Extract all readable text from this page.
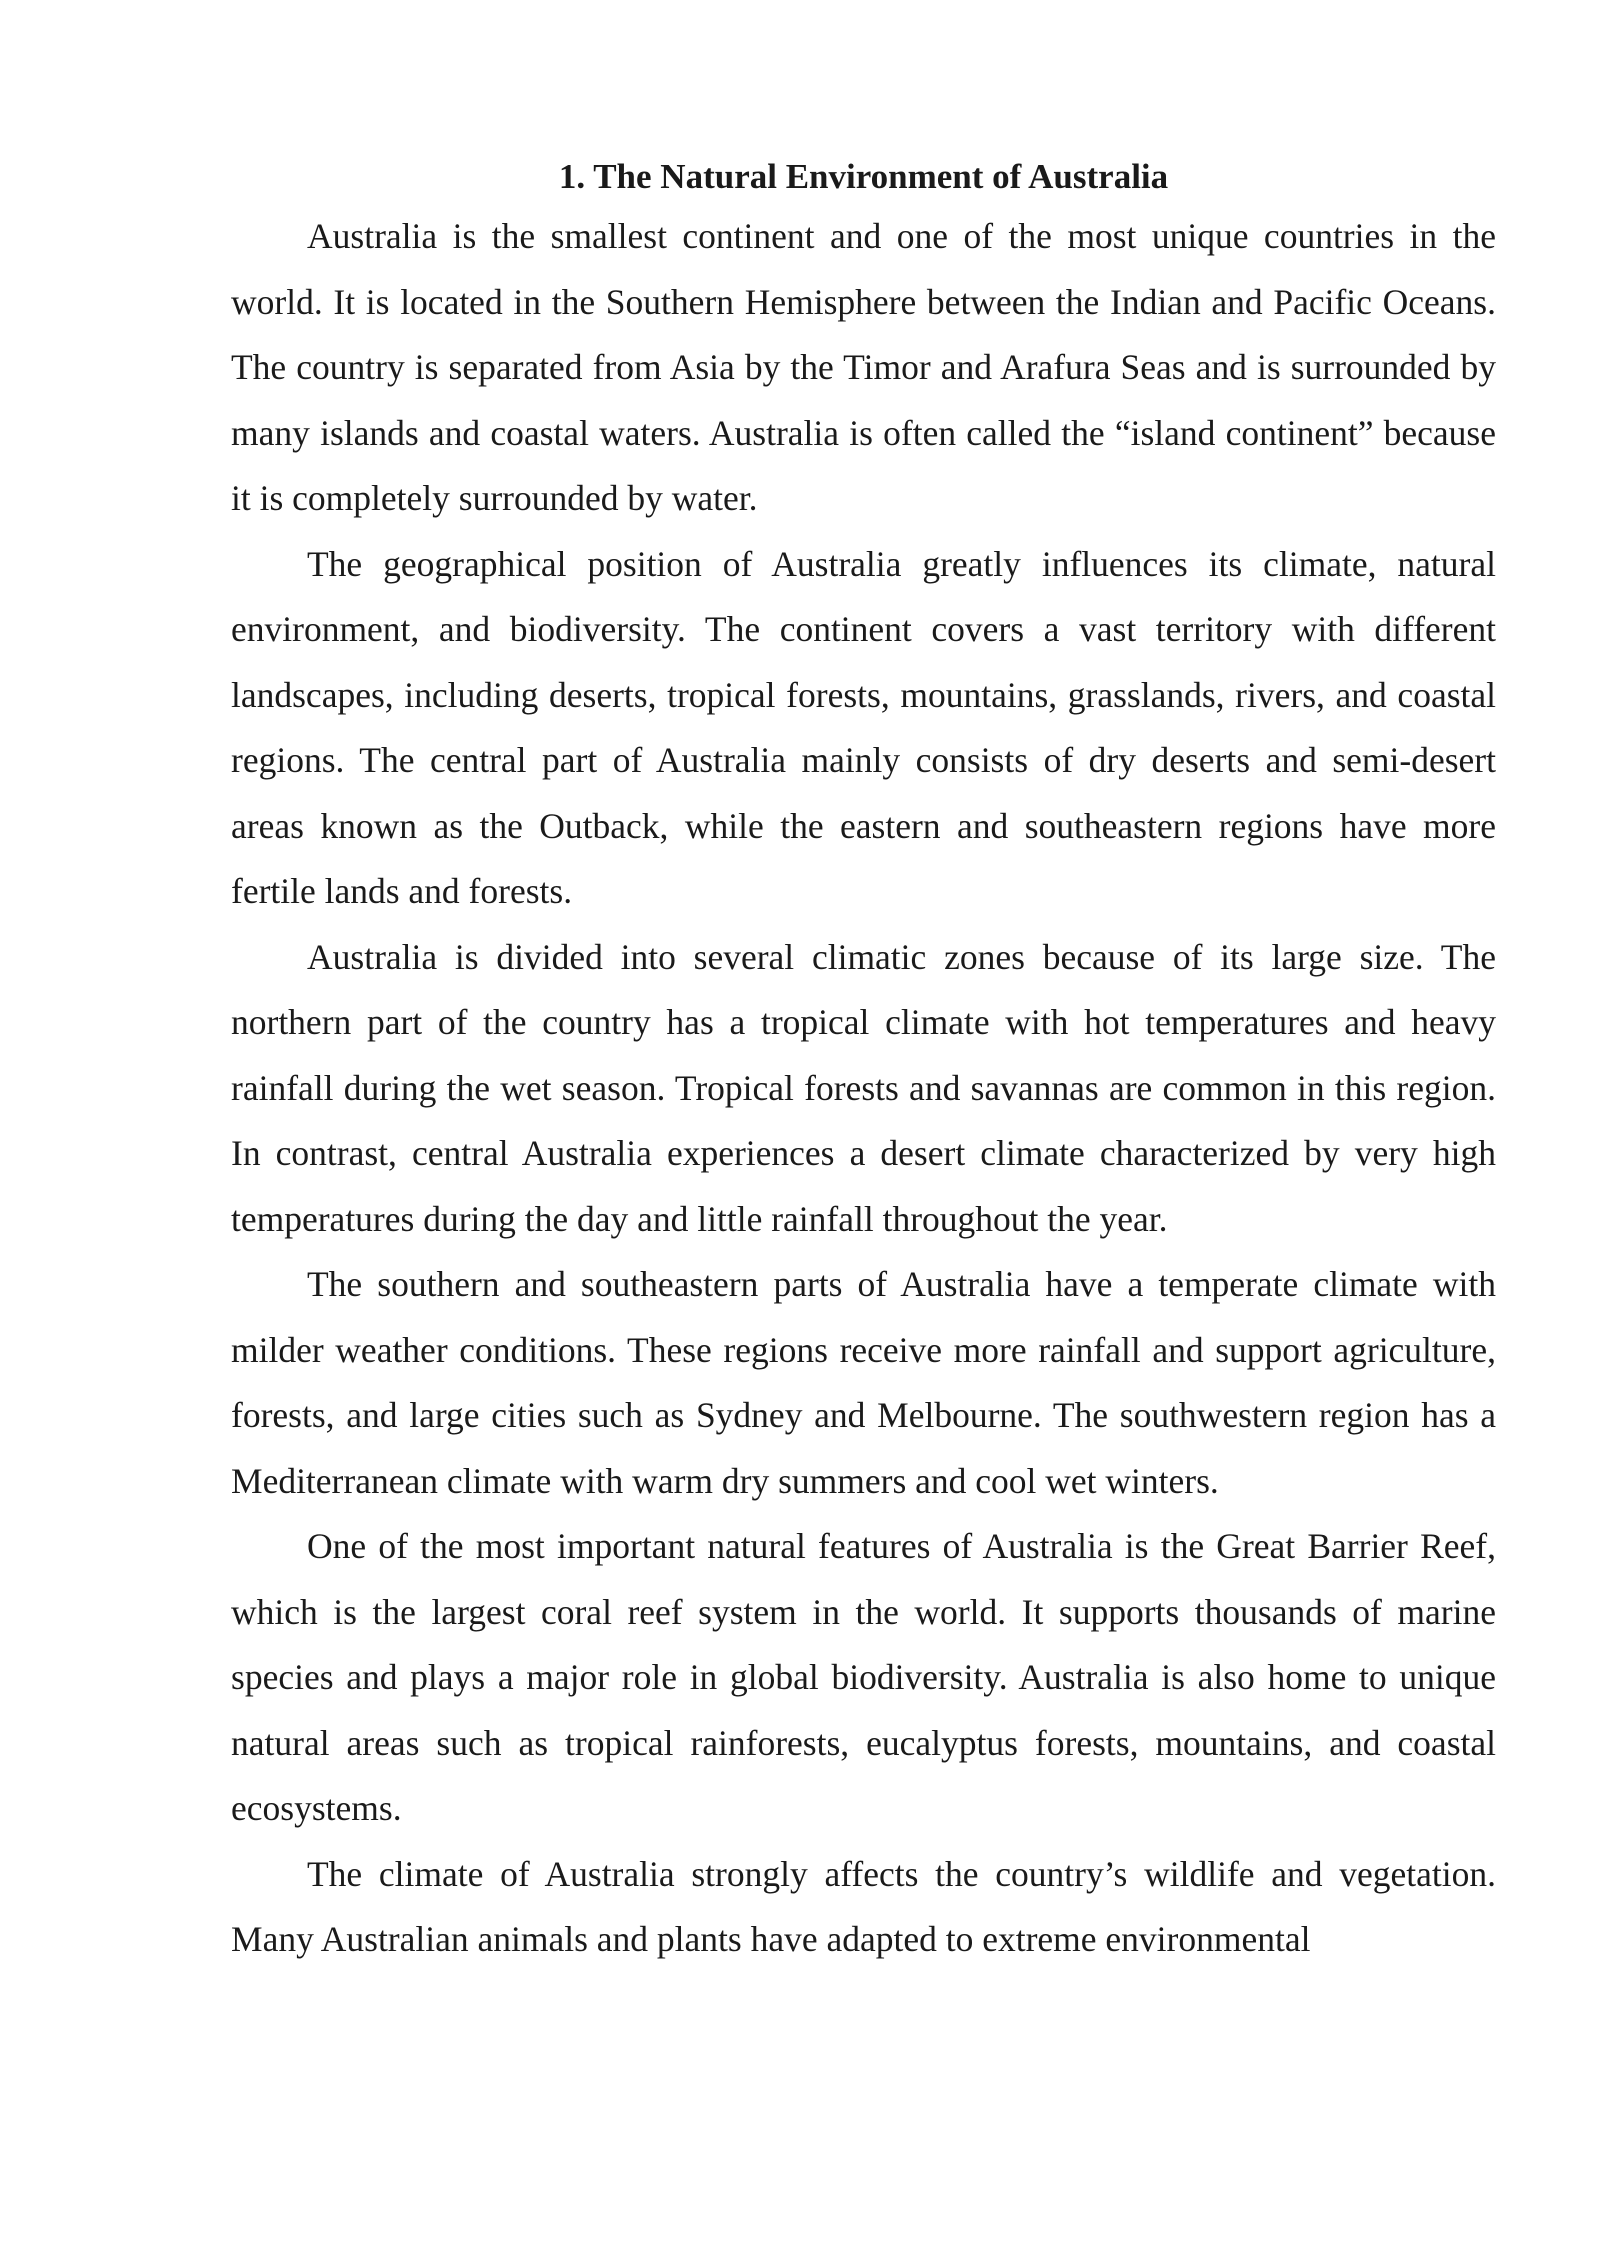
1. The Natural Environment of Australia

Australia is the smallest continent and one of the most unique countries in the world. It is located in the Southern Hemisphere between the Indian and Pacific Oceans. The country is separated from Asia by the Timor and Arafura Seas and is surrounded by many islands and coastal waters. Australia is often called the “island continent” because it is completely surrounded by water.

The geographical position of Australia greatly influences its climate, natural environment, and biodiversity. The continent covers a vast territory with different landscapes, including deserts, tropical forests, mountains, grasslands, rivers, and coastal regions. The central part of Australia mainly consists of dry deserts and semi-desert areas known as the Outback, while the eastern and southeastern regions have more fertile lands and forests.

Australia is divided into several climatic zones because of its large size. The northern part of the country has a tropical climate with hot temperatures and heavy rainfall during the wet season. Tropical forests and savannas are common in this region. In contrast, central Australia experiences a desert climate characterized by very high temperatures during the day and little rainfall throughout the year.

The southern and southeastern parts of Australia have a temperate climate with milder weather conditions. These regions receive more rainfall and support agriculture, forests, and large cities such as Sydney and Melbourne. The southwestern region has a Mediterranean climate with warm dry summers and cool wet winters.

One of the most important natural features of Australia is the Great Barrier Reef, which is the largest coral reef system in the world. It supports thousands of marine species and plays a major role in global biodiversity. Australia is also home to unique natural areas such as tropical rainforests, eucalyptus forests, mountains, and coastal ecosystems.

The climate of Australia strongly affects the country’s wildlife and vegetation. Many Australian animals and plants have adapted to extreme environmental
